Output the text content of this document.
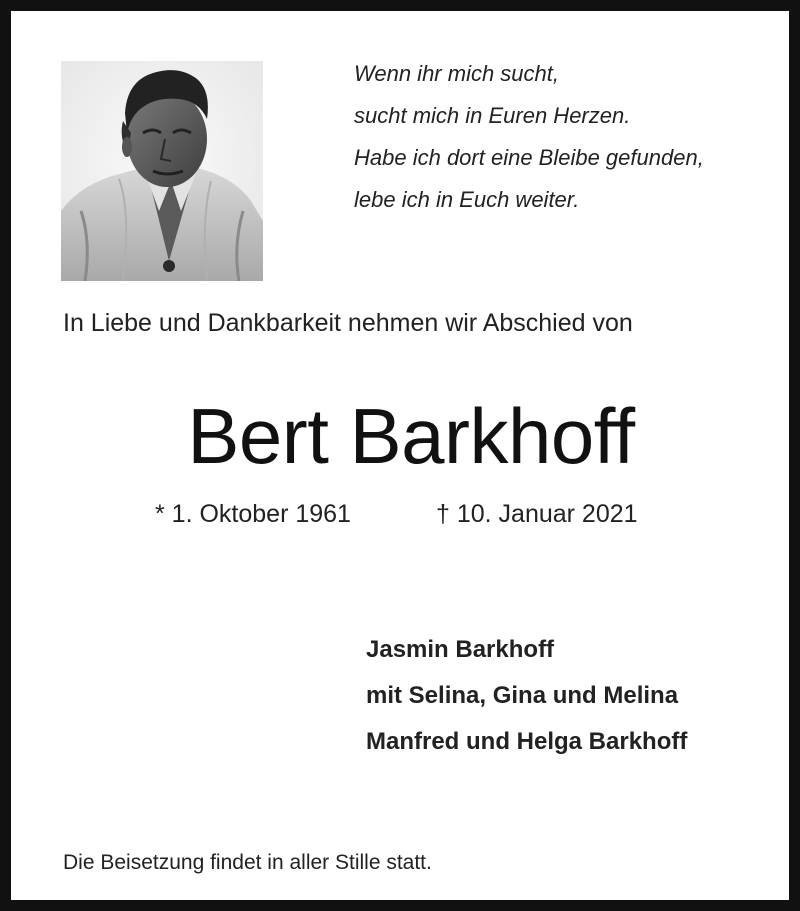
Wenn ihr mich sucht,
sucht mich in Euren Herzen.
Habe ich dort eine Bleibe gefunden,
lebe ich in Euch weiter.
In Liebe und Dankbarkeit nehmen wir Abschied von
Bert Barkhoff
* 1. Oktober 1961	† 10. Januar 2021
Jasmin Barkhoff
mit Selina, Gina und Melina
Manfred und Helga Barkhoff
Die Beisetzung findet in aller Stille statt.
